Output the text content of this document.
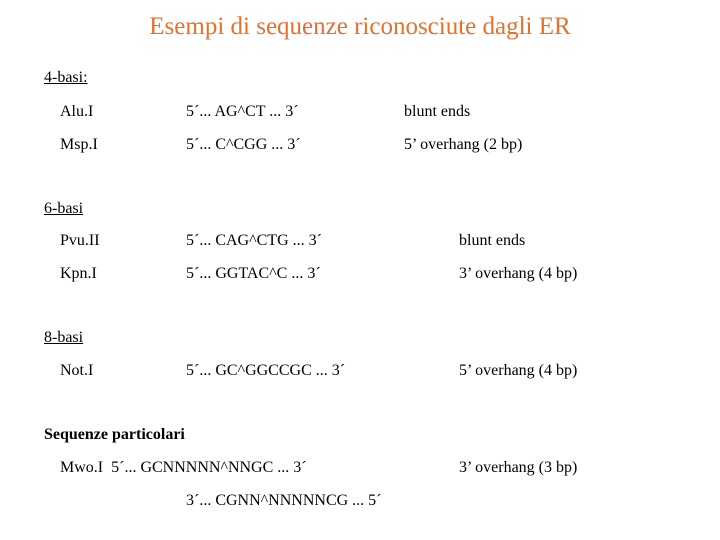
Esempi di sequenze riconosciute dagli ER
4-basi:
Alu.I	5´... AG^CT ... 3´	blunt ends
Msp.I	5´... C^CGG ... 3´	5’ overhang (2 bp)
6-basi
Pvu.II	5´... CAG^CTG ... 3´	blunt ends
Kpn.I	5´... GGTAC^C ... 3´	3’ overhang (4 bp)
8-basi
Not.I	5´... GC^GGCCGC ... 3´	5’ overhang (4 bp)
Sequenze particolari
Mwo.I  5´... GCNNNNN^NNGC ... 3´	3’ overhang (3 bp)
3´... CGNN^NNNNNCG ... 5´
